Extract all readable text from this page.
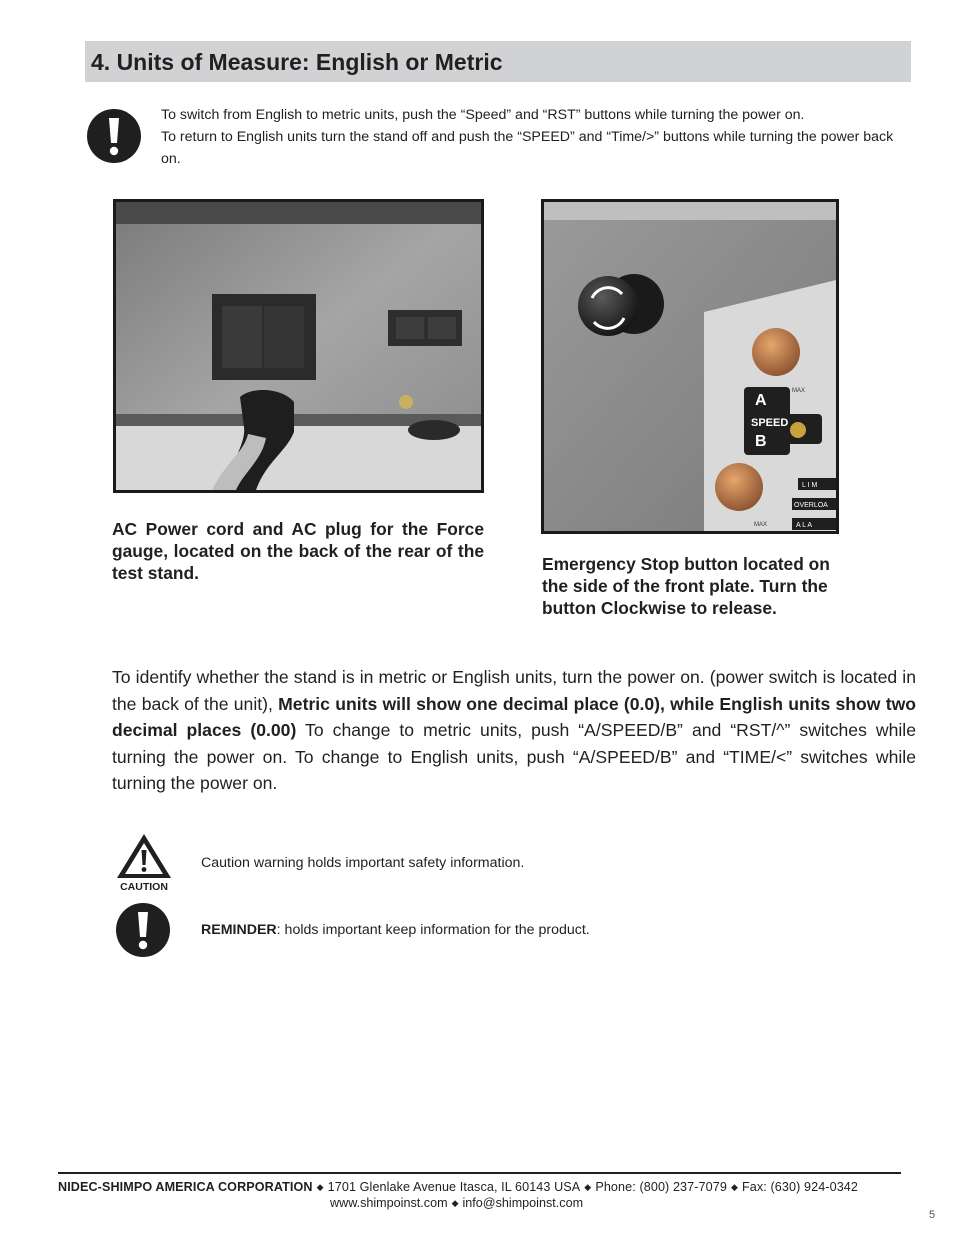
4. Units of Measure: English or Metric

To switch from English to metric units, push the “Speed” and “RST” buttons while turning the power on.

To return to English units turn the stand off and push the “SPEED” and “Time/>” buttons while turning the power back on.

A
SPEED
B
MAX
MAX
L I M
OVERLOA
A L A
AC Power cord and AC plug for the Force gauge, located on the back of the rear of the test stand.	Emergency Stop button located on the side of the front plate. Turn the button Clockwise to release.

To identify whether the stand is in metric or English units, turn the power on. (power switch is located in the back of the unit), Metric units will show one decimal place (0.0), while English units show two decimal places (0.00) To change to metric units, push “A/SPEED/B” and “RST/^” switches while turning the power on. To change to English units, push “A/SPEED/B” and “TIME/<” switches while turning the power on.

CAUTION
Caution warning holds important safety information.
REMINDER: holds important keep information for the product.
NIDEC-SHIMPO AMERICA CORPORATION ◆ 1701 Glenlake Avenue Itasca, IL 60143 USA ◆ Phone: (800) 237-7079 ◆ Fax: (630) 924-0342
www.shimpoinst.com ◆ info@shimpoinst.com
5
